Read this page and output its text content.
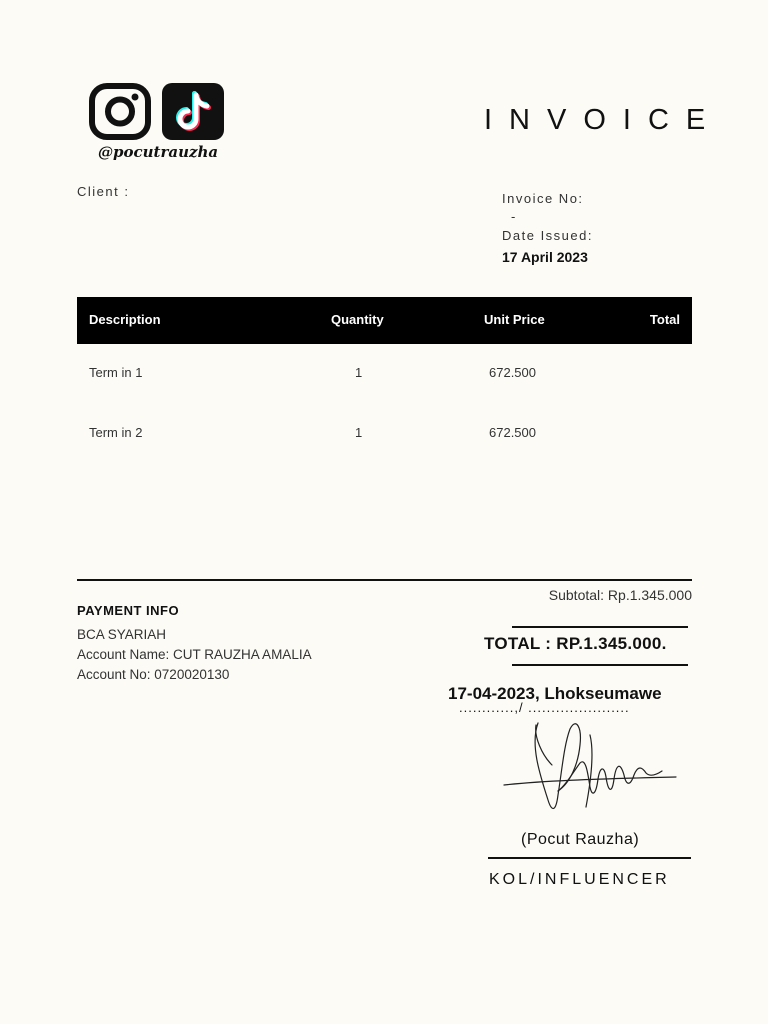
@pocutrauzha
INVOICE
Client :	Invoice No:
-
Date Issued:
17 April 2023
Description	Quantity	Unit Price	Total
Term in 1	1	672.500
Term in 2	1	672.500
Subtotal: Rp.1.345.000
PAYMENT INFO
BCA SYARIAH
Account Name: CUT RAUZHA AMALIA
Account No: 0720020130
TOTAL : RP.1.345.000.
17-04-2023, Lhokseumawe
............,/ ......................
(Pocut Rauzha)
KOL/INFLUENCER
